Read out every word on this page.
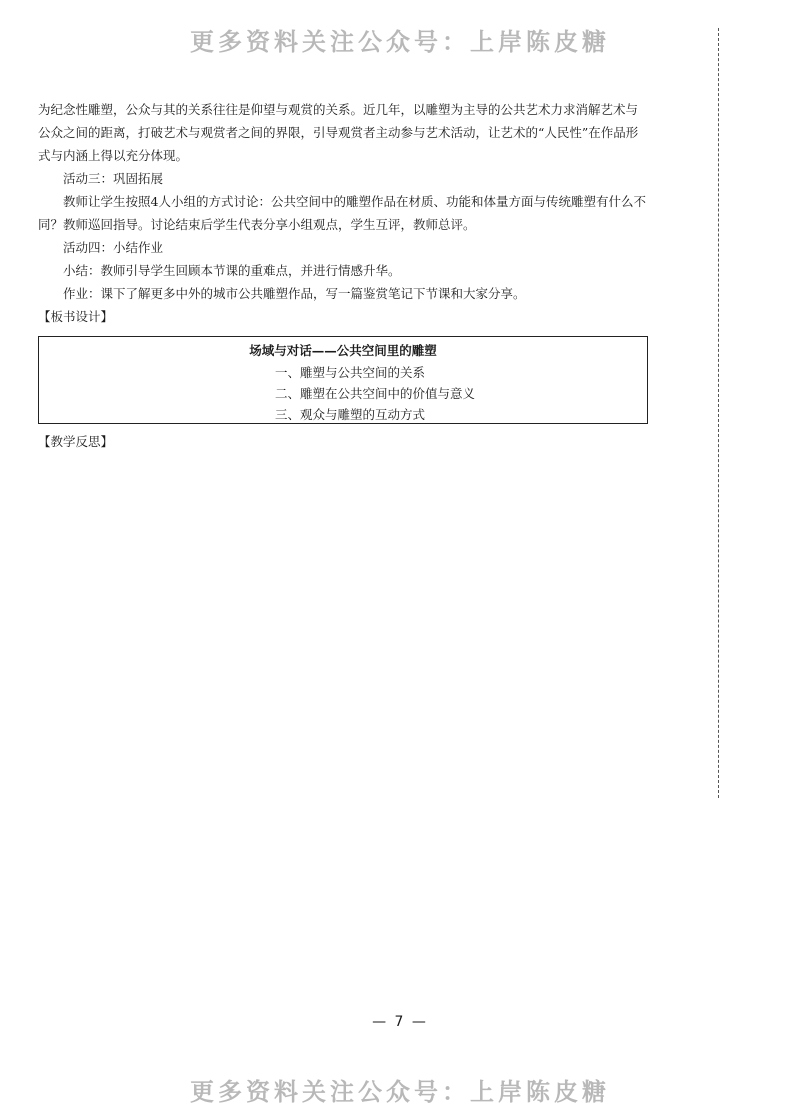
更多资料关注公众号：上岸陈皮糖

为纪念性雕塑，公众与其的关系往往是仰望与观赏的关系。近几年，以雕塑为主导的公共艺术力求消解艺术与公众之间的距离，打破艺术与观赏者之间的界限，引导观赏者主动参与艺术活动，让艺术的“人民性”在作品形式与内涵上得以充分体现。

活动三：巩固拓展

教师让学生按照4人小组的方式讨论：公共空间中的雕塑作品在材质、功能和体量方面与传统雕塑有什么不同？教师巡回指导。讨论结束后学生代表分享小组观点，学生互评，教师总评。

活动四：小结作业

小结：教师引导学生回顾本节课的重难点，并进行情感升华。

作业：课下了解更多中外的城市公共雕塑作品，写一篇鉴赏笔记下节课和大家分享。

【板书设计】

场域与对话——公共空间里的雕塑
一、雕塑与公共空间的关系
二、雕塑在公共空间中的价值与意义
三、观众与雕塑的互动方式
【教学反思】
— 7 —
更多资料关注公众号：上岸陈皮糖
